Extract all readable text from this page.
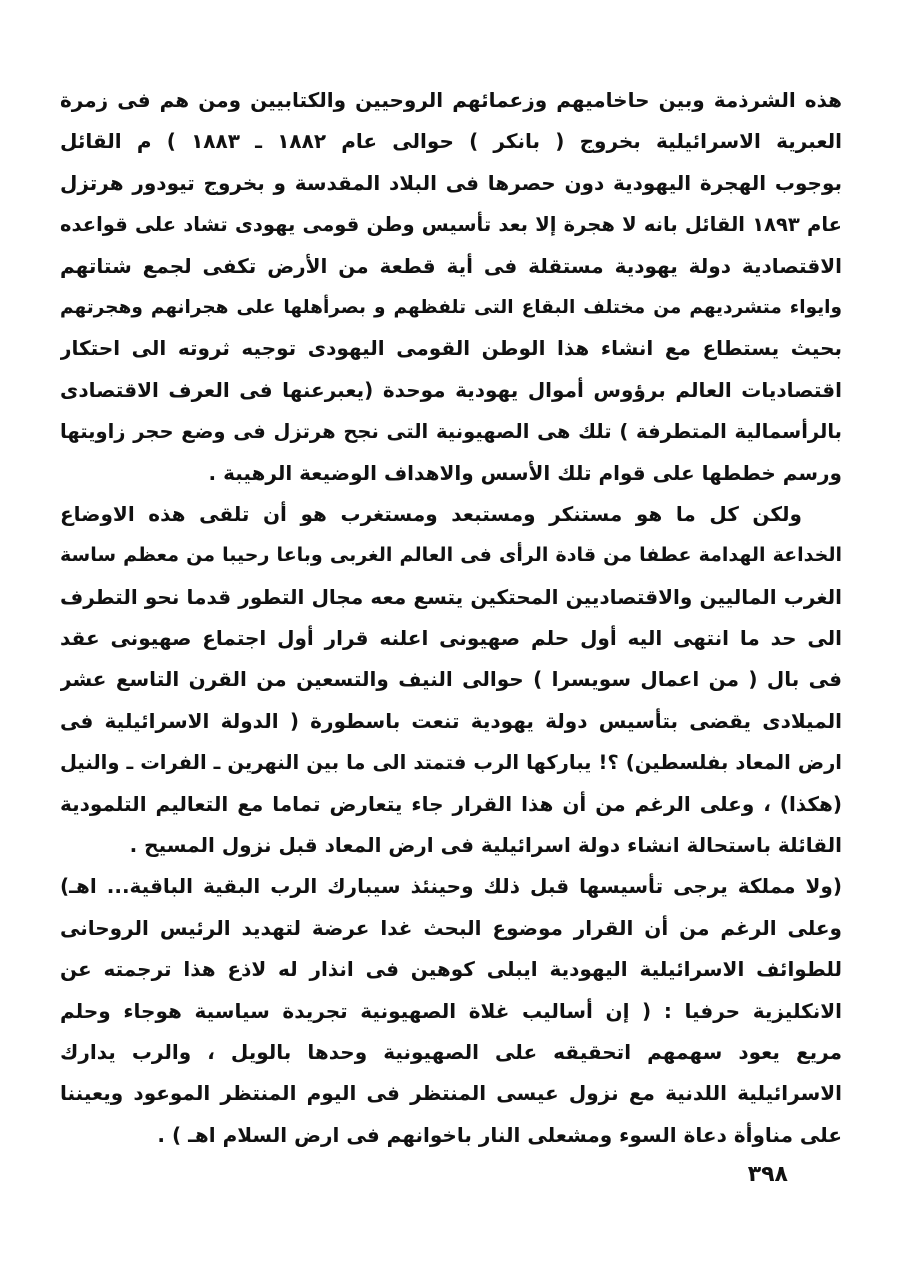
هذه الشرذمة وبين حاخاميهم وزعمائهم الروحيين والكتابيين ومن هم فى زمرة
العبرية الاسرائيلية بخروج ( بانكر ) حوالى عام ١٨٨٢ ـ ١٨٨٣ ) م القائل
بوجوب الهجرة اليهودية دون حصرها فى البلاد المقدسة و بخروج تيودور هرتزل
عام ١٨٩٣ القائل بانه لا هجرة إلا بعد تأسيس وطن قومى يهودى تشاد على قواعده
الاقتصادية دولة يهودية مستقلة فى أية قطعة من الأرض تكفى لجمع شتاتهم
وايواء متشرديهم من مختلف البقاع التى تلفظهم و بصرأهلها على هجرانهم وهجرتهم
بحيث يستطاع مع انشاء هذا الوطن القومى اليهودى توجيه ثروته الى احتكار
اقتصاديات العالم برؤوس أموال يهودية موحدة (يعبرعنها فى العرف الاقتصادى
بالرأسمالية المتطرفة ) تلك هى الصهيونية التى نجح هرتزل فى وضع حجر زاويتها
ورسم خططها على قوام تلك الأسس والاهداف الوضيعة الرهيبة .
ولكن كل ما هو مستنكر ومستبعد ومستغرب هو أن تلقى هذه الاوضاع
الخداعة الهدامة عطفا من قادة الرأى فى العالم الغربى وباعا رحيبا من معظم ساسة
الغرب الماليين والاقتصاديين المحتكين يتسع معه مجال التطور قدما نحو التطرف
الى حد ما انتهى اليه أول حلم صهيونى اعلنه قرار أول اجتماع صهيونى عقد
فى بال ( من اعمال سويسرا ) حوالى النيف والتسعين من القرن التاسع عشر
الميلادى يقضى بتأسيس دولة يهودية تنعت باسطورة ( الدولة الاسرائيلية فى
ارض المعاد بفلسطين) ؟! يباركها الرب فتمتد الى ما بين النهرين ـ الفرات ـ والنيل
(هكذا) ، وعلى الرغم من أن هذا القرار جاء يتعارض تماما مع التعاليم التلمودية
القائلة باستحالة انشاء دولة اسرائيلية فى ارض المعاد قبل نزول المسيح .
(ولا مملكة يرجى تأسيسها قبل ذلك وحينئذ سيبارك الرب البقية الباقية... اهـ)
وعلى الرغم من أن القرار موضوع البحث غدا عرضة لتهديد الرئيس الروحانى
للطوائف الاسرائيلية اليهودية ايبلى كوهين فى انذار له لاذع هذا ترجمته عن
الانكليزية حرفيا : ( إن أساليب غلاة الصهيونية تجريدة سياسية هوجاء وحلم
مريع يعود سهمهم اتحقيقه على الصهيونية وحدها بالويل ، والرب يدارك
الاسرائيلية اللدنية مع نزول عيسى المنتظر فى اليوم المنتظر الموعود ويعيننا
على مناوأة دعاة السوء ومشعلى النار باخوانهم فى ارض السلام اهـ ) .
٣٩٨
